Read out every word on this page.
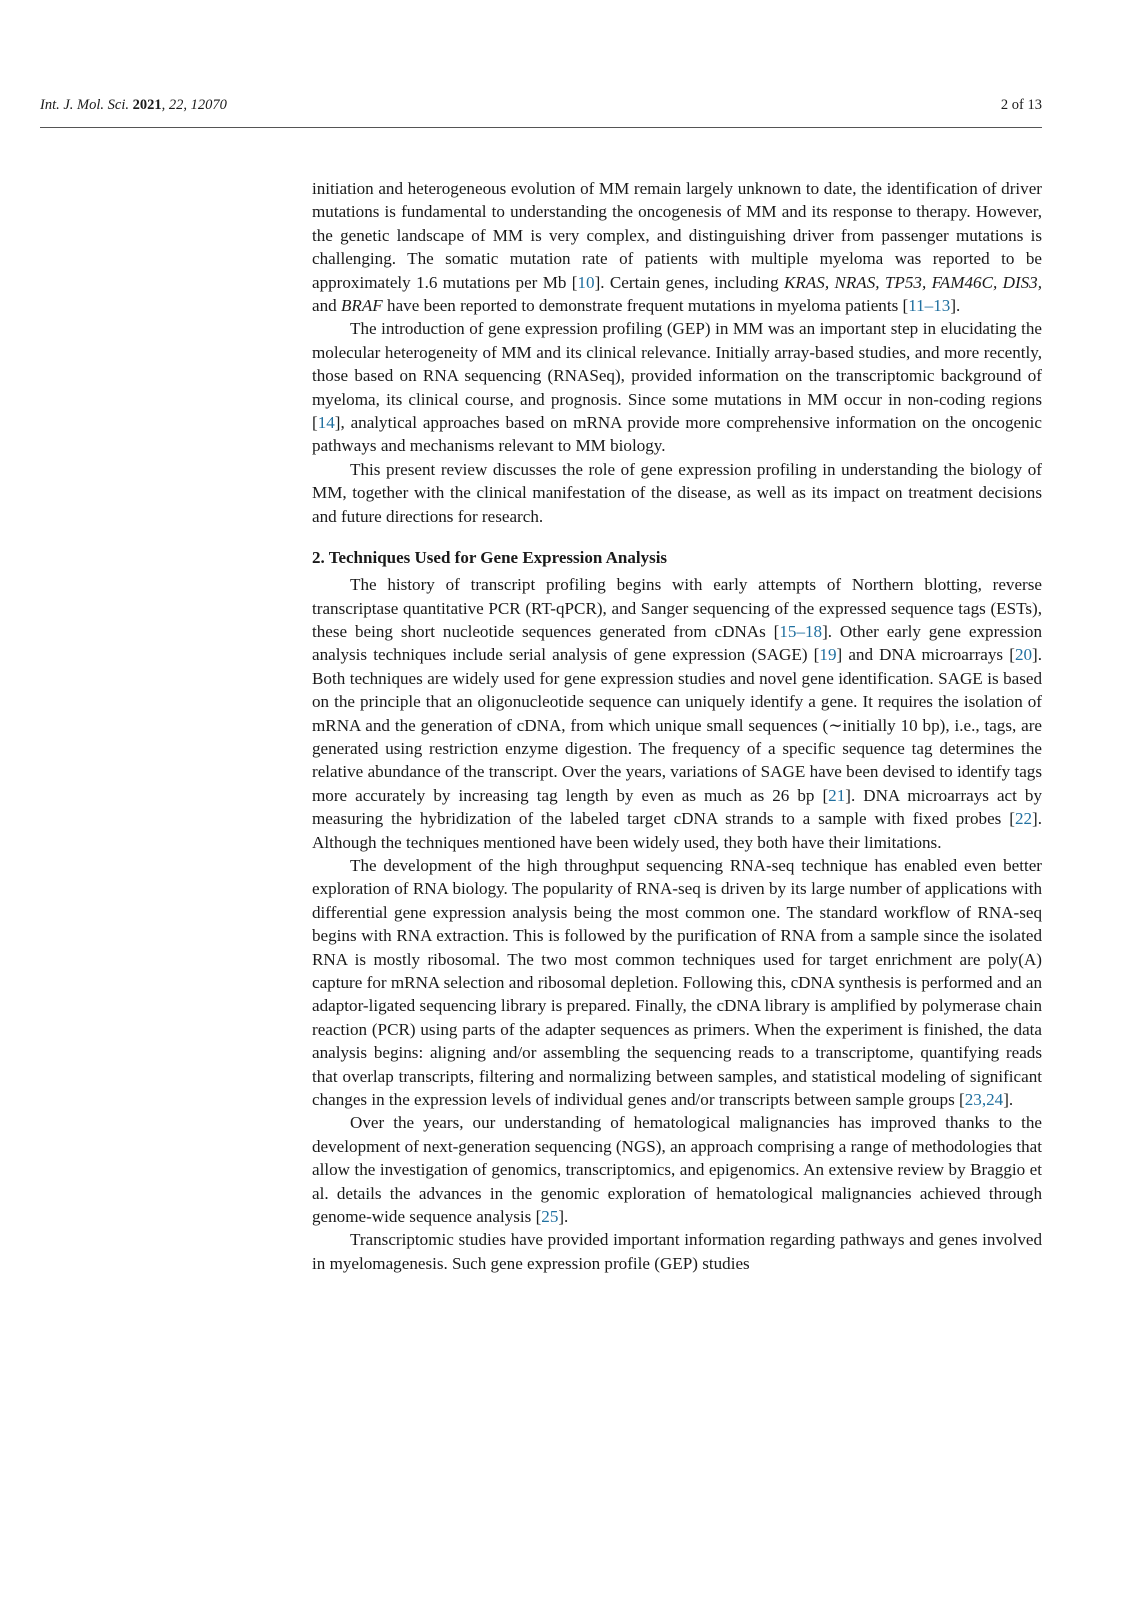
Int. J. Mol. Sci. 2021, 22, 12070	2 of 13

initiation and heterogeneous evolution of MM remain largely unknown to date, the identification of driver mutations is fundamental to understanding the oncogenesis of MM and its response to therapy. However, the genetic landscape of MM is very complex, and distinguishing driver from passenger mutations is challenging. The somatic mutation rate of patients with multiple myeloma was reported to be approximately 1.6 mutations per Mb [10]. Certain genes, including KRAS, NRAS, TP53, FAM46C, DIS3, and BRAF have been reported to demonstrate frequent mutations in myeloma patients [11–13].

The introduction of gene expression profiling (GEP) in MM was an important step in elucidating the molecular heterogeneity of MM and its clinical relevance. Initially array-based studies, and more recently, those based on RNA sequencing (RNASeq), provided information on the transcriptomic background of myeloma, its clinical course, and prognosis. Since some mutations in MM occur in non-coding regions [14], analytical approaches based on mRNA provide more comprehensive information on the oncogenic pathways and mechanisms relevant to MM biology.

This present review discusses the role of gene expression profiling in understanding the biology of MM, together with the clinical manifestation of the disease, as well as its impact on treatment decisions and future directions for research.

2. Techniques Used for Gene Expression Analysis

The history of transcript profiling begins with early attempts of Northern blotting, reverse transcriptase quantitative PCR (RT-qPCR), and Sanger sequencing of the expressed sequence tags (ESTs), these being short nucleotide sequences generated from cDNAs [15–18]. Other early gene expression analysis techniques include serial analysis of gene expression (SAGE) [19] and DNA microarrays [20]. Both techniques are widely used for gene expression studies and novel gene identification. SAGE is based on the principle that an oligonucleotide sequence can uniquely identify a gene. It requires the isolation of mRNA and the generation of cDNA, from which unique small sequences (∼initially 10 bp), i.e., tags, are generated using restriction enzyme digestion. The frequency of a specific sequence tag determines the relative abundance of the transcript. Over the years, variations of SAGE have been devised to identify tags more accurately by increasing tag length by even as much as 26 bp [21]. DNA microarrays act by measuring the hybridization of the labeled target cDNA strands to a sample with fixed probes [22]. Although the techniques mentioned have been widely used, they both have their limitations.

The development of the high throughput sequencing RNA-seq technique has enabled even better exploration of RNA biology. The popularity of RNA-seq is driven by its large number of applications with differential gene expression analysis being the most common one. The standard workflow of RNA-seq begins with RNA extraction. This is followed by the purification of RNA from a sample since the isolated RNA is mostly ribosomal. The two most common techniques used for target enrichment are poly(A) capture for mRNA selection and ribosomal depletion. Following this, cDNA synthesis is performed and an adaptor-ligated sequencing library is prepared. Finally, the cDNA library is amplified by polymerase chain reaction (PCR) using parts of the adapter sequences as primers. When the experiment is finished, the data analysis begins: aligning and/or assembling the sequencing reads to a transcriptome, quantifying reads that overlap transcripts, filtering and normalizing between samples, and statistical modeling of significant changes in the expression levels of individual genes and/or transcripts between sample groups [23,24].

Over the years, our understanding of hematological malignancies has improved thanks to the development of next-generation sequencing (NGS), an approach comprising a range of methodologies that allow the investigation of genomics, transcriptomics, and epigenomics. An extensive review by Braggio et al. details the advances in the genomic exploration of hematological malignancies achieved through genome-wide sequence analysis [25].

Transcriptomic studies have provided important information regarding pathways and genes involved in myelomagenesis. Such gene expression profile (GEP) studies
